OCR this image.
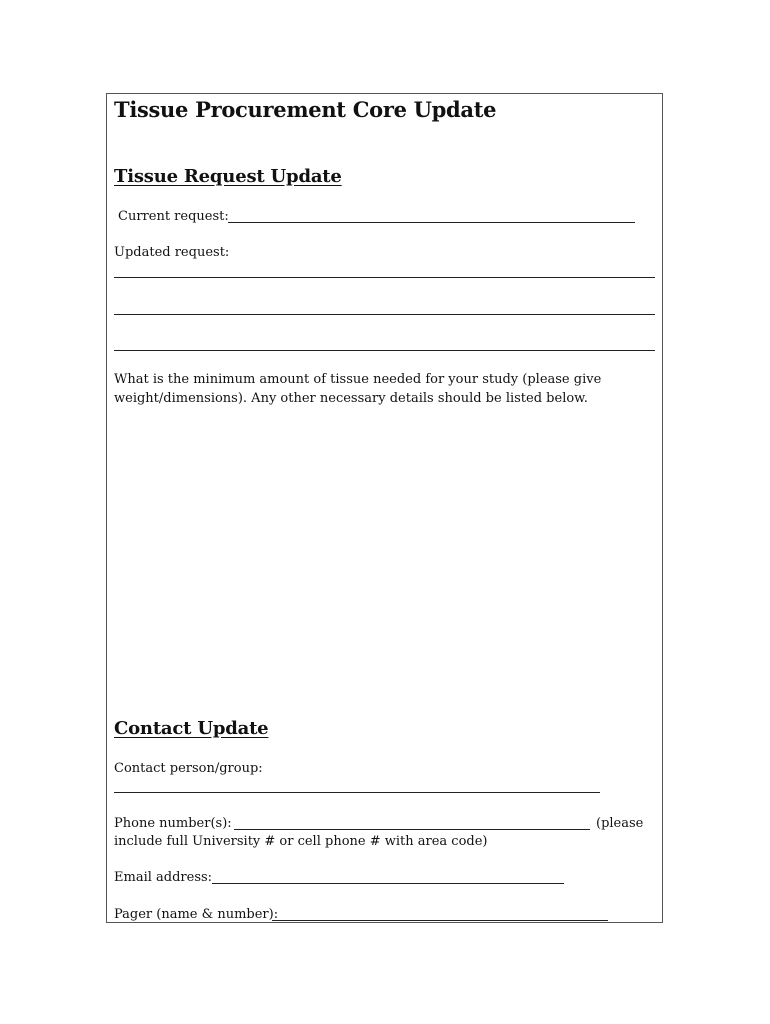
Tissue Procurement Core Update
Tissue Request Update
Current request:
Updated request:
What is the minimum amount of tissue needed for your study (please give weight/dimensions). Any other necessary details should be listed below.
Contact Update
Contact person/group:
Phone number(s):	(please
include full University # or cell phone # with area code)
Email address:
Pager (name & number):
